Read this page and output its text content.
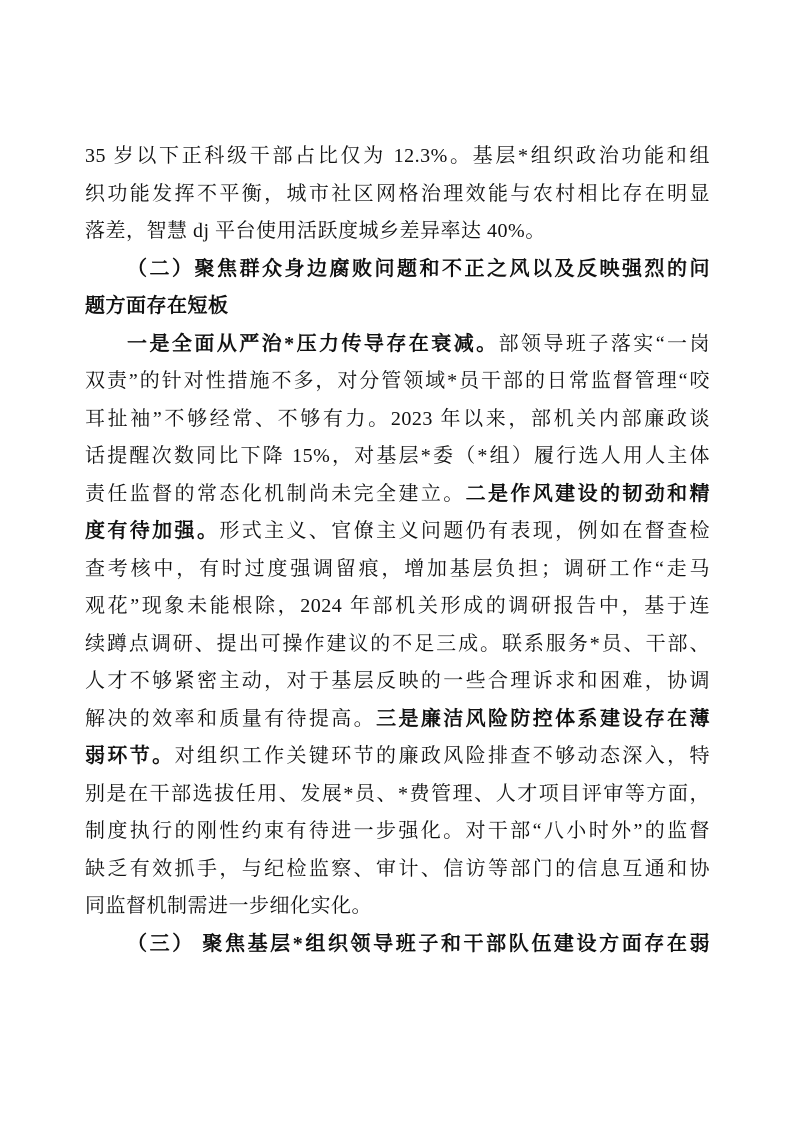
35 岁以下正科级干部占比仅为 12.3%。基层*组织政治功能和组
织功能发挥不平衡，城市社区网格治理效能与农村相比存在明显
落差，智慧 dj 平台使用活跃度城乡差异率达 40%。
（二）聚焦群众身边腐败问题和不正之风以及反映强烈的问
题方面存在短板
一是全面从严治*压力传导存在衰减。部领导班子落实“一岗
双责”的针对性措施不多，对分管领域*员干部的日常监督管理“咬
耳扯袖”不够经常、不够有力。2023 年以来，部机关内部廉政谈
话提醒次数同比下降 15%，对基层*委（*组）履行选人用人主体
责任监督的常态化机制尚未完全建立。二是作风建设的韧劲和精
度有待加强。形式主义、官僚主义问题仍有表现，例如在督查检
查考核中，有时过度强调留痕，增加基层负担；调研工作“走马
观花”现象未能根除，2024 年部机关形成的调研报告中，基于连
续蹲点调研、提出可操作建议的不足三成。联系服务*员、干部、
人才不够紧密主动，对于基层反映的一些合理诉求和困难，协调
解决的效率和质量有待提高。三是廉洁风险防控体系建设存在薄
弱环节。对组织工作关键环节的廉政风险排查不够动态深入，特
别是在干部选拔任用、发展*员、*费管理、人才项目评审等方面，
制度执行的刚性约束有待进一步强化。对干部“八小时外”的监督
缺乏有效抓手，与纪检监察、审计、信访等部门的信息互通和协
同监督机制需进一步细化实化。
（三） 聚焦基层*组织领导班子和干部队伍建设方面存在弱
